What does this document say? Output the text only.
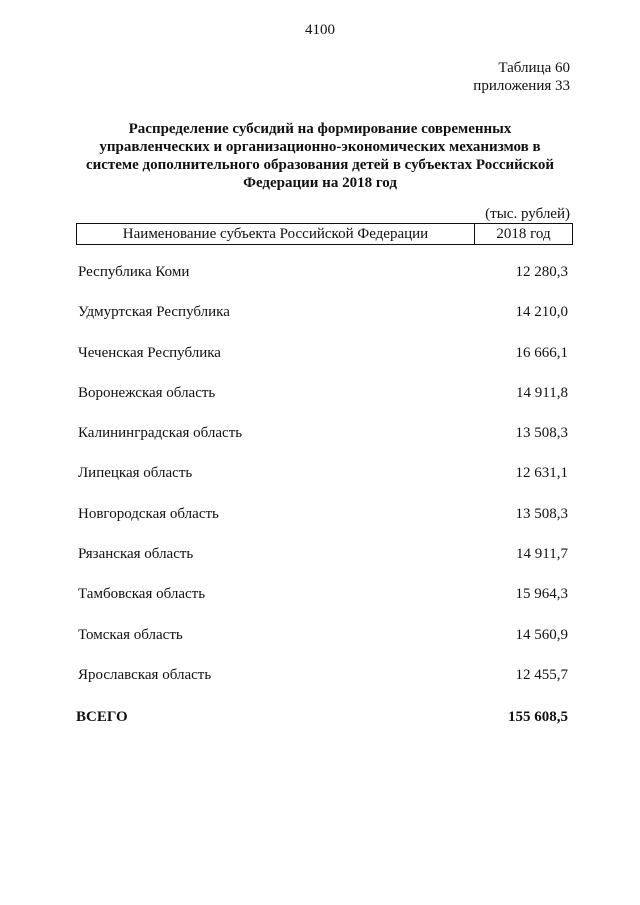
4100
Таблица 60
приложения 33
Распределение субсидий на формирование современных
управленческих и организационно-экономических механизмов в
системе дополнительного образования детей в субъектах Российской
Федерации на 2018 год
(тыс. рублей)
Наименование субъекта Российской Федерации	2018 год
Республика Коми	12 280,3
Удмуртская Республика	14 210,0
Чеченская Республика	16 666,1
Воронежская область	14 911,8
Калининградская область	13 508,3
Липецкая область	12 631,1
Новгородская область	13 508,3
Рязанская область	14 911,7
Тамбовская область	15 964,3
Томская область	14 560,9
Ярославская область	12 455,7
ВСЕГО	155 608,5
